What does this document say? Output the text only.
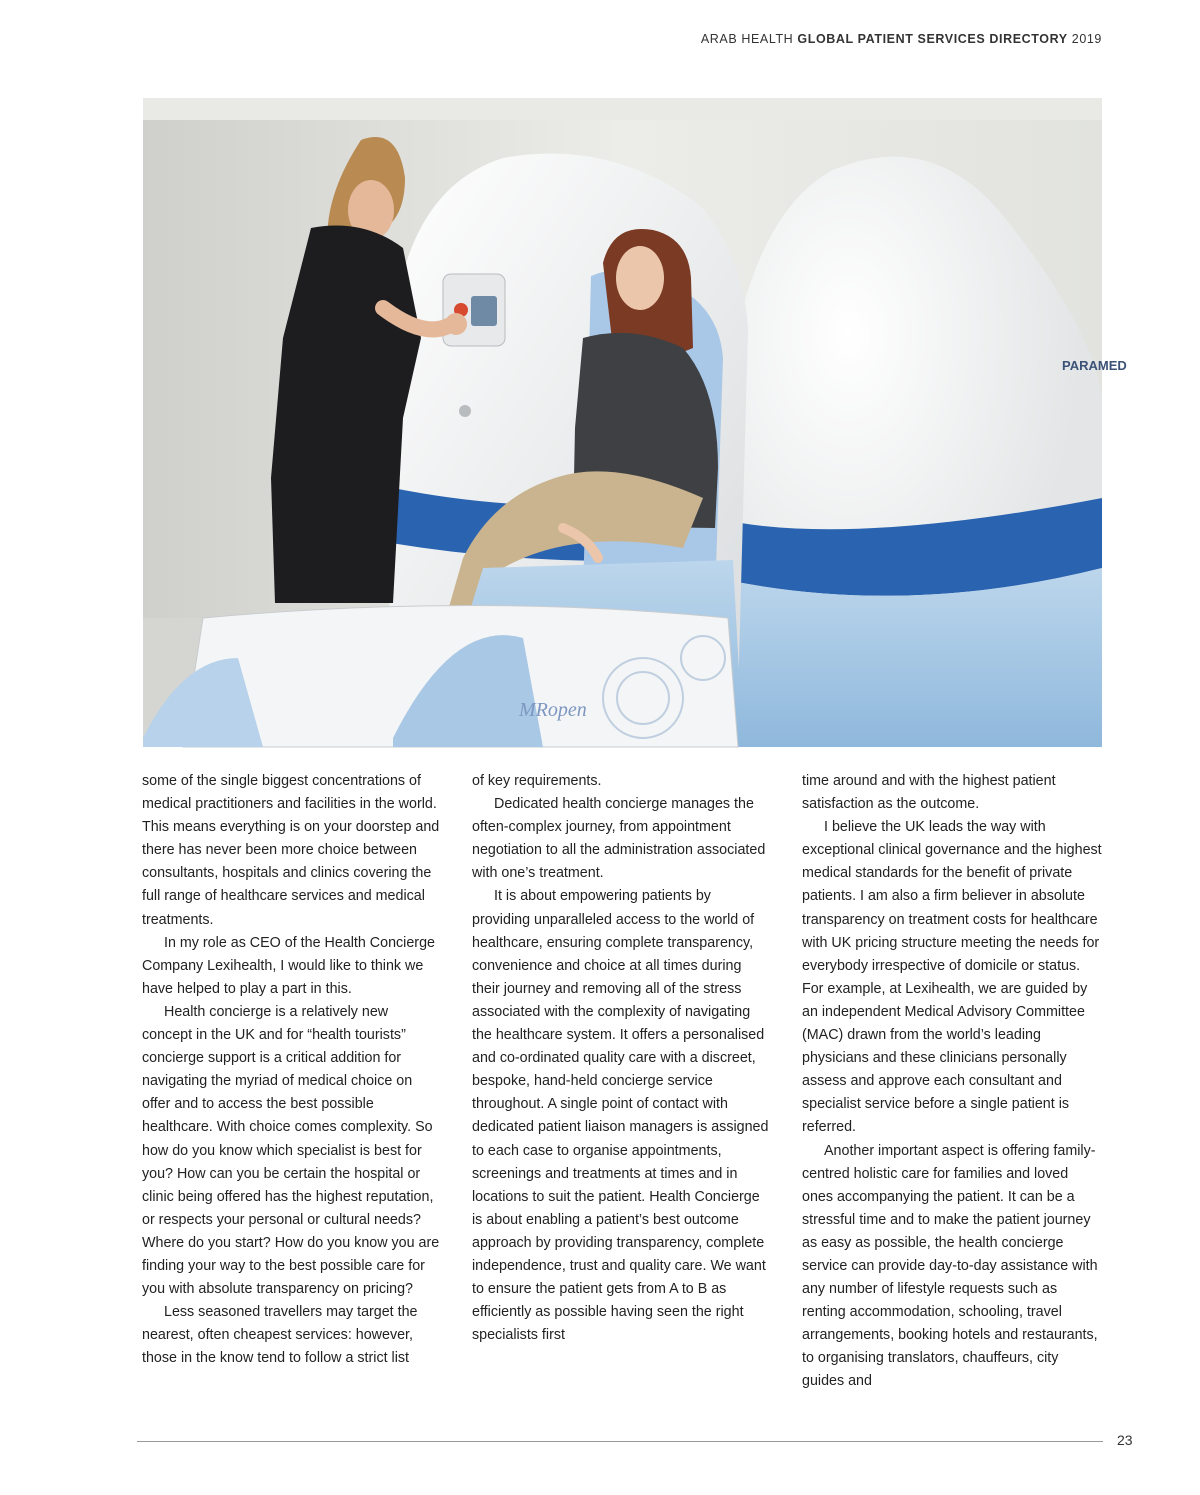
ARAB HEALTH GLOBAL PATIENT SERVICES DIRECTORY 2019
MRopen
PARAMED

some of the single biggest concentrations of medical practitioners and facilities in the world. This means everything is on your doorstep and there has never been more choice between consultants, hospitals and clinics covering the full range of healthcare services and medical treatments.

In my role as CEO of the Health Concierge Company Lexihealth, I would like to think we have helped to play a part in this.

Health concierge is a relatively new concept in the UK and for “health tourists” concierge support is a critical addition for navigating the myriad of medical choice on offer and to access the best possible healthcare. With choice comes complexity. So how do you know which specialist is best for you? How can you be certain the hospital or clinic being offered has the highest reputation, or respects your personal or cultural needs? Where do you start? How do you know you are finding your way to the best possible care for you with absolute transparency on pricing?

Less seasoned travellers may target the nearest, often cheapest services: however, those in the know tend to follow a strict list

of key requirements.

Dedicated health concierge manages the often-complex journey, from appointment negotiation to all the administration associated with one’s treatment.

It is about empowering patients by providing unparalleled access to the world of healthcare, ensuring complete transparency, convenience and choice at all times during their journey and removing all of the stress associated with the complexity of navigating the healthcare system. It offers a personalised and co-ordinated quality care with a discreet, bespoke, hand-held concierge service throughout. A single point of contact with dedicated patient liaison managers is assigned to each case to organise appointments, screenings and treatments at times and in locations to suit the patient. Health Concierge is about enabling a patient’s best outcome approach by providing transparency, complete independence, trust and quality care. We want to ensure the patient gets from A to B as efficiently as possible having seen the right specialists first

time around and with the highest patient satisfaction as the outcome.

I believe the UK leads the way with exceptional clinical governance and the highest medical standards for the benefit of private patients. I am also a firm believer in absolute transparency on treatment costs for healthcare with UK pricing structure meeting the needs for everybody irrespective of domicile or status. For example, at Lexihealth, we are guided by an independent Medical Advisory Committee (MAC) drawn from the world’s leading physicians and these clinicians personally assess and approve each consultant and specialist service before a single patient is referred.

Another important aspect is offering family-centred holistic care for families and loved ones accompanying the patient. It can be a stressful time and to make the patient journey as easy as possible, the health concierge service can provide day-to-day assistance with any number of lifestyle requests such as renting accommodation, schooling, travel arrangements, booking hotels and restaurants, to organising translators, chauffeurs, city guides and

23
